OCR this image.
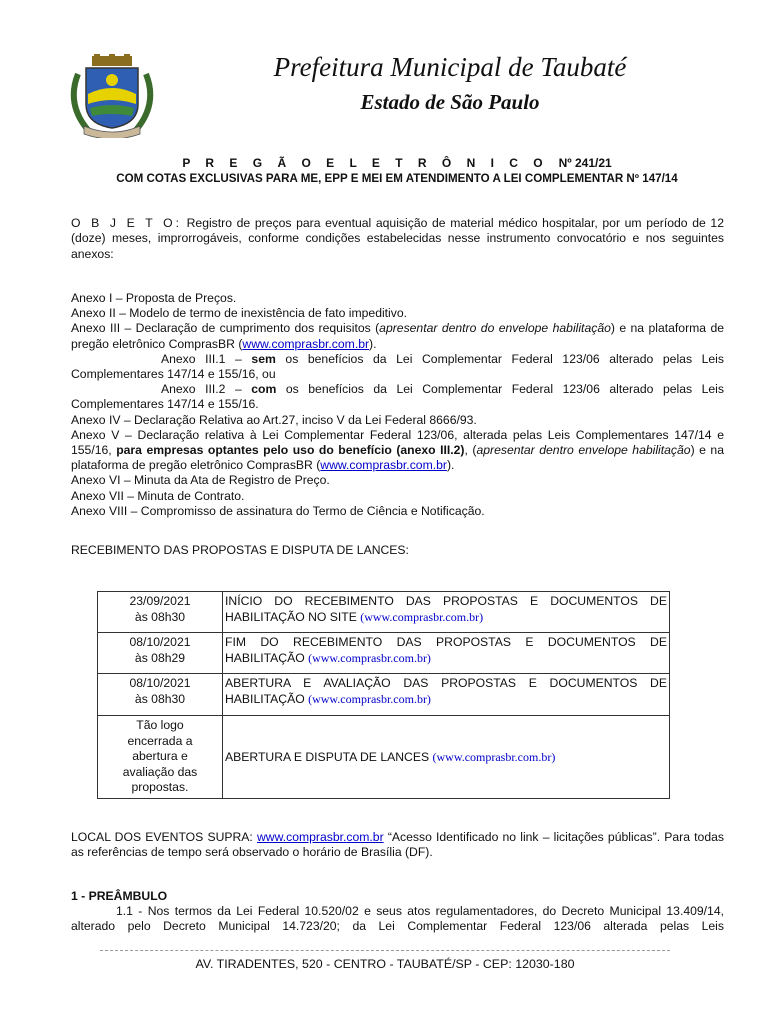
Prefeitura Municipal de Taubaté
Estado de São Paulo
P R E G Ã O E L E T R Ô N I C O Nº 241/21
COM COTAS EXCLUSIVAS PARA ME, EPP E MEI EM ATENDIMENTO A LEI COMPLEMENTAR Nº 147/14
O B J E T O: Registro de preços para eventual aquisição de material médico hospitalar, por um período de 12 (doze) meses, improrrogáveis, conforme condições estabelecidas nesse instrumento convocatório e nos seguintes anexos:

Anexo I – Proposta de Preços.

Anexo II – Modelo de termo de inexistência de fato impeditivo.

Anexo III – Declaração de cumprimento dos requisitos (apresentar dentro do envelope habilitação) e na plataforma de pregão eletrônico ComprasBR (www.comprasbr.com.br).

Anexo III.1 – sem os benefícios da Lei Complementar Federal 123/06 alterado pelas Leis

Complementares 147/14 e 155/16, ou

Anexo III.2 – com os benefícios da Lei Complementar Federal 123/06 alterado pelas Leis

Complementares 147/14 e 155/16.

Anexo IV – Declaração Relativa ao Art.27, inciso V da Lei Federal 8666/93.

Anexo V – Declaração relativa à Lei Complementar Federal 123/06, alterada pelas Leis Complementares 147/14 e 155/16, para empresas optantes pelo uso do benefício (anexo III.2), (apresentar dentro envelope habilitação) e na plataforma de pregão eletrônico ComprasBR (www.comprasbr.com.br).

Anexo VI – Minuta da Ata de Registro de Preço.

Anexo VII – Minuta de Contrato.

Anexo VIII – Compromisso de assinatura do Termo de Ciência e Notificação.

RECEBIMENTO DAS PROPOSTAS E DISPUTA DE LANCES:
23/09/2021
às 08h30	INÍCIO DO RECEBIMENTO DAS PROPOSTAS E DOCUMENTOS DE HABILITAÇÃO NO SITE (www.comprasbr.com.br)
08/10/2021
às 08h29	FIM DO RECEBIMENTO DAS PROPOSTAS E DOCUMENTOS DE HABILITAÇÃO (www.comprasbr.com.br)
08/10/2021
às 08h30	ABERTURA E AVALIAÇÃO DAS PROPOSTAS E DOCUMENTOS DE HABILITAÇÃO (www.comprasbr.com.br)
Tão logo encerrada a abertura e avaliação das propostas.	ABERTURA E DISPUTA DE LANCES (www.comprasbr.com.br)
LOCAL DOS EVENTOS SUPRA: www.comprasbr.com.br “Acesso Identificado no link – licitações públicas”. Para todas as referências de tempo será observado o horário de Brasília (DF).
1 - PREÂMBULO
1.1 - Nos termos da Lei Federal 10.520/02 e seus atos regulamentadores, do Decreto Municipal 13.409/14, alterado pelo Decreto Municipal 14.723/20; da Lei Complementar Federal 123/06 alterada pelas Leis
AV. TIRADENTES, 520 - CENTRO - TAUBATÉ/SP - CEP: 12030-180
